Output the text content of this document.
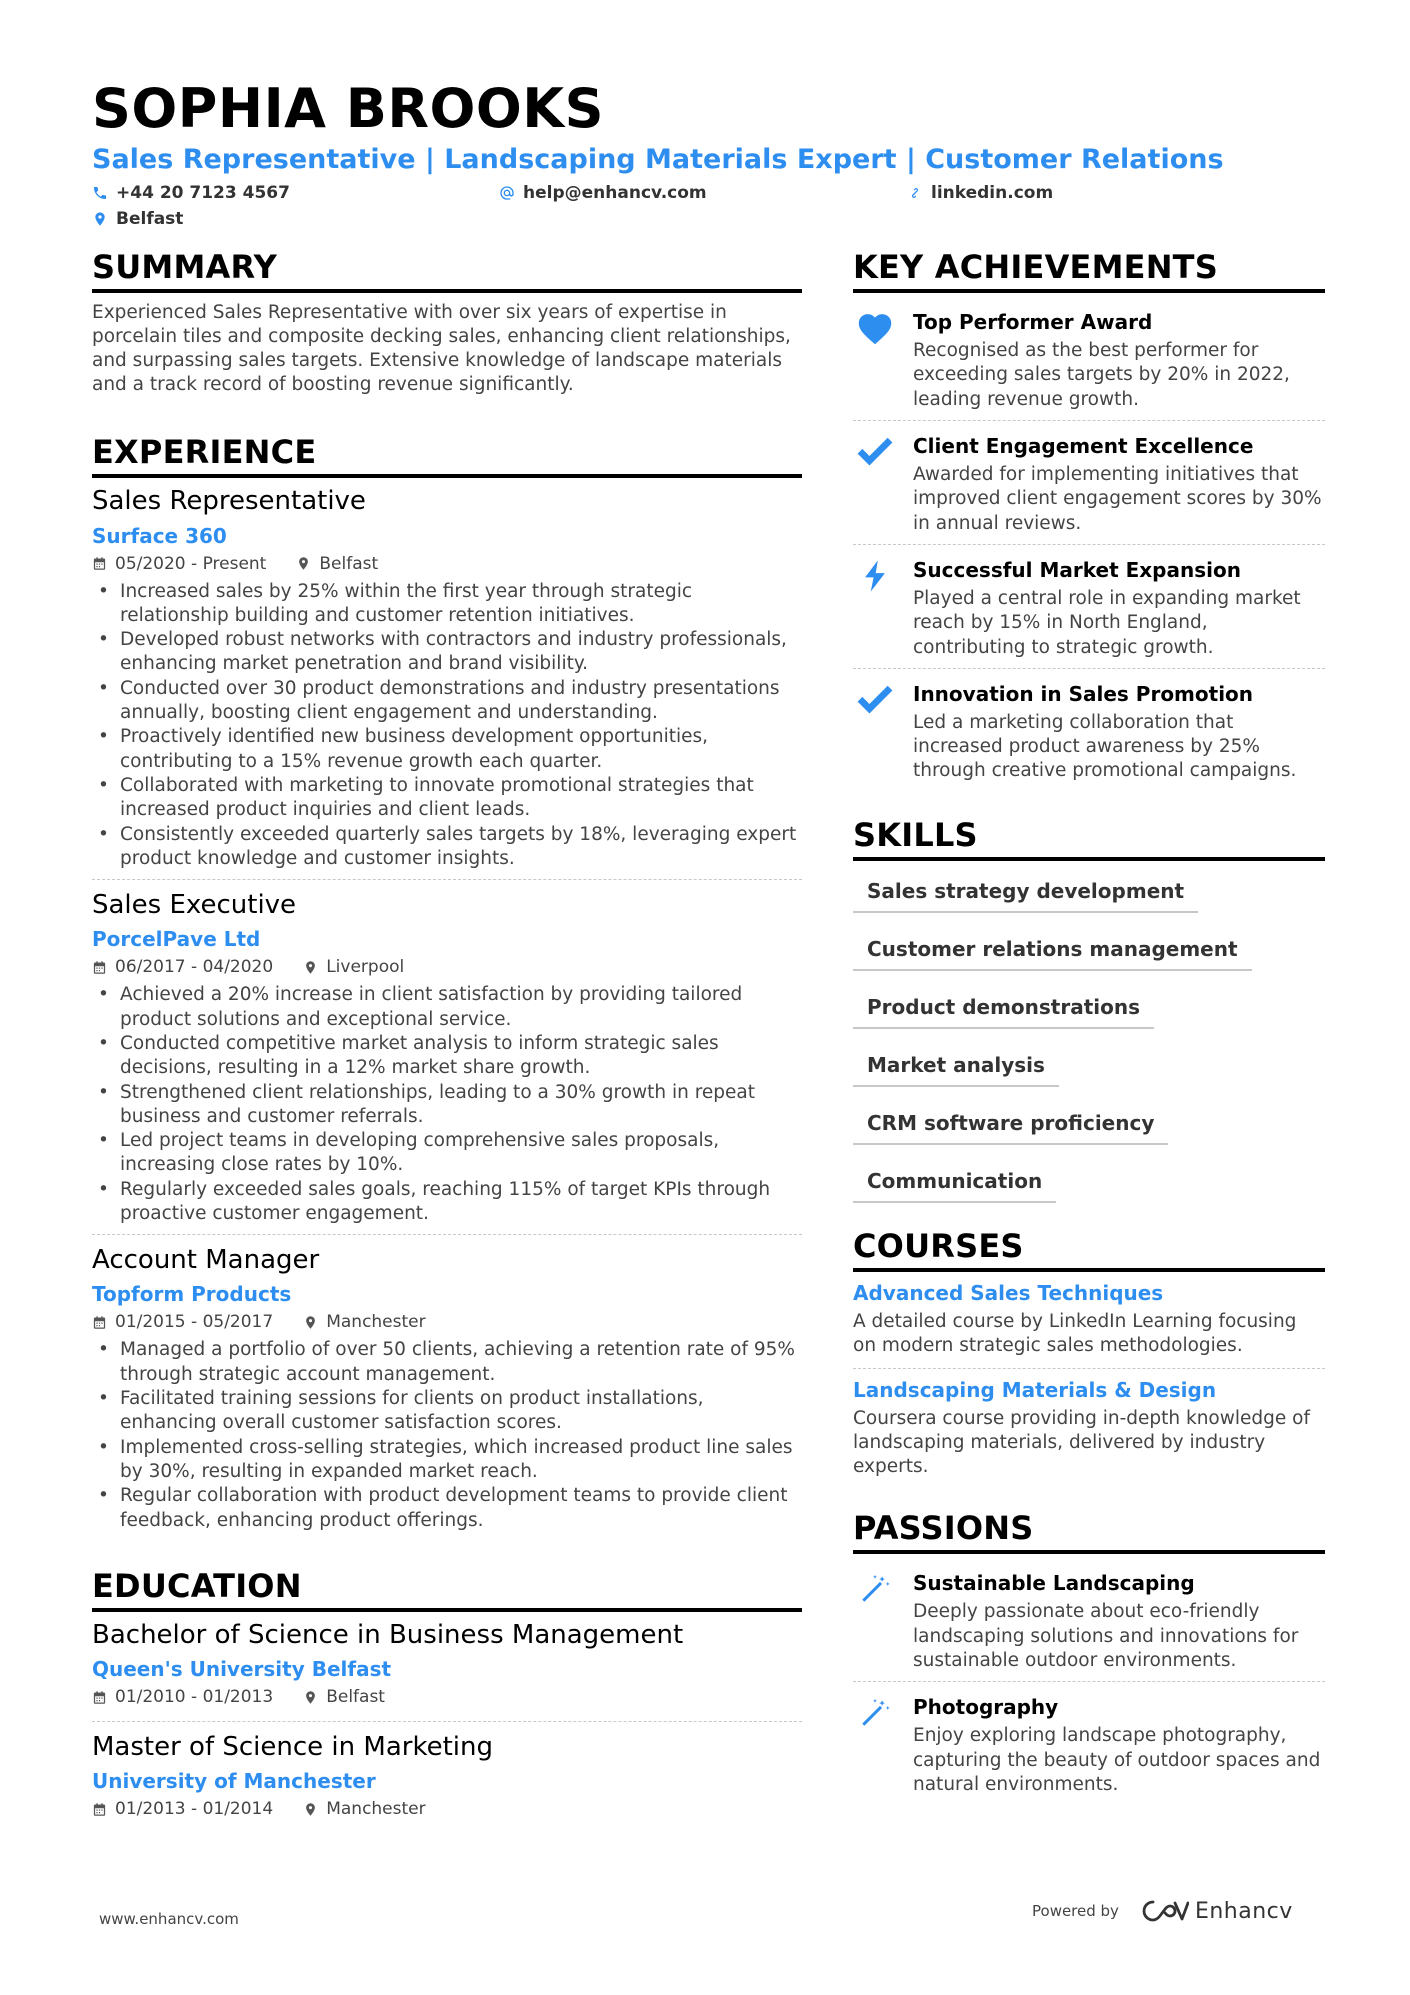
SOPHIA BROOKS
Sales Representative | Landscaping Materials Expert | Customer Relations
+44 20 7123 4567	help@enhancv.com	linkedin.com
Belfast
SUMMARY
Experienced Sales Representative with over six years of expertise in porcelain tiles and composite decking sales, enhancing client relationships, and surpassing sales targets. Extensive knowledge of landscape materials and a track record of boosting revenue significantly.
EXPERIENCE
Sales Representative
Surface 360
05/2020 - Present	Belfast
• Increased sales by 25% within the first year through strategic relationship building and customer retention initiatives.
• Developed robust networks with contractors and industry professionals, enhancing market penetration and brand visibility.
• Conducted over 30 product demonstrations and industry presentations annually, boosting client engagement and understanding.
• Proactively identified new business development opportunities, contributing to a 15% revenue growth each quarter.
• Collaborated with marketing to innovate promotional strategies that increased product inquiries and client leads.
• Consistently exceeded quarterly sales targets by 18%, leveraging expert product knowledge and customer insights.
Sales Executive
PorcelPave Ltd
06/2017 - 04/2020	Liverpool
• Achieved a 20% increase in client satisfaction by providing tailored product solutions and exceptional service.
• Conducted competitive market analysis to inform strategic sales decisions, resulting in a 12% market share growth.
• Strengthened client relationships, leading to a 30% growth in repeat business and customer referrals.
• Led project teams in developing comprehensive sales proposals, increasing close rates by 10%.
• Regularly exceeded sales goals, reaching 115% of target KPIs through proactive customer engagement.
Account Manager
Topform Products
01/2015 - 05/2017	Manchester
• Managed a portfolio of over 50 clients, achieving a retention rate of 95% through strategic account management.
• Facilitated training sessions for clients on product installations, enhancing overall customer satisfaction scores.
• Implemented cross-selling strategies, which increased product line sales by 30%, resulting in expanded market reach.
• Regular collaboration with product development teams to provide client feedback, enhancing product offerings.
EDUCATION
Bachelor of Science in Business Management
Queen's University Belfast
01/2010 - 01/2013	Belfast
Master of Science in Marketing
University of Manchester
01/2013 - 01/2014	Manchester
KEY ACHIEVEMENTS
Top Performer Award
Recognised as the best performer for exceeding sales targets by 20% in 2022, leading revenue growth.
Client Engagement Excellence
Awarded for implementing initiatives that improved client engagement scores by 30% in annual reviews.
Successful Market Expansion
Played a central role in expanding market reach by 15% in North England, contributing to strategic growth.
Innovation in Sales Promotion
Led a marketing collaboration that increased product awareness by 25% through creative promotional campaigns.
SKILLS
Sales strategy development
Customer relations management
Product demonstrations
Market analysis
CRM software proficiency
Communication
COURSES
Advanced Sales Techniques
A detailed course by LinkedIn Learning focusing on modern strategic sales methodologies.
Landscaping Materials & Design
Coursera course providing in-depth knowledge of landscaping materials, delivered by industry experts.
PASSIONS
Sustainable Landscaping
Deeply passionate about eco-friendly landscaping solutions and innovations for sustainable outdoor environments.
Photography
Enjoy exploring landscape photography, capturing the beauty of outdoor spaces and natural environments.
www.enhancv.com	Powered by	Enhancv
